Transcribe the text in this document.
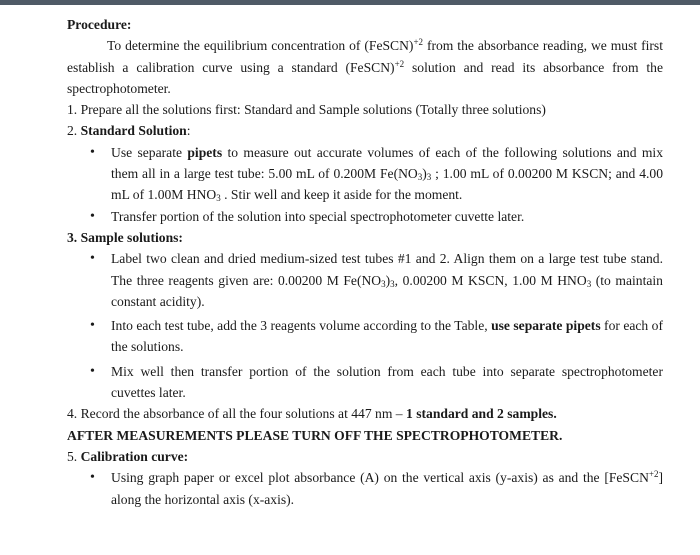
Procedure:
To determine the equilibrium concentration of (FeSCN)$^{+2}$ from the absorbance reading, we must first establish a calibration curve using a standard (FeSCN)$^{+2}$ solution and read its absorbance from the spectrophotometer.
1. Prepare all the solutions first: Standard and Sample solutions (Totally three solutions)
2. Standard Solution:
• Use separate pipets to measure out accurate volumes of each of the following solutions and mix them all in a large test tube: 5.00 mL of 0.200M $Fe(NO_3)_3$ ; 1.00 mL of 0.00200 M KSCN; and 4.00 mL of 1.00M $HNO_3$ . Stir well and keep it aside for the moment.
• Transfer portion of the solution into special spectrophotometer cuvette later.
3. Sample solutions:
• Label two clean and dried medium-sized test tubes #1 and 2. Align them on a large test tube stand. The three reagents given are: 0.00200 M $Fe(NO_3)_3$, 0.00200 M KSCN, 1.00 M $HNO_3$ (to maintain constant acidity).
• Into each test tube, add the 3 reagents volume according to the Table, use separate pipets for each of the solutions.
• Mix well then transfer portion of the solution from each tube into separate spectrophotometer cuvettes later.
4. Record the absorbance of all the four solutions at 447 nm – 1 standard and 2 samples.
AFTER MEASUREMENTS PLEASE TURN OFF THE SPECTROPHOTOMETER.
5. Calibration curve:
• Using graph paper or excel plot absorbance (A) on the vertical axis (y-axis) as and the [FeSCN$^{+2}$] along the horizontal axis (x-axis).
